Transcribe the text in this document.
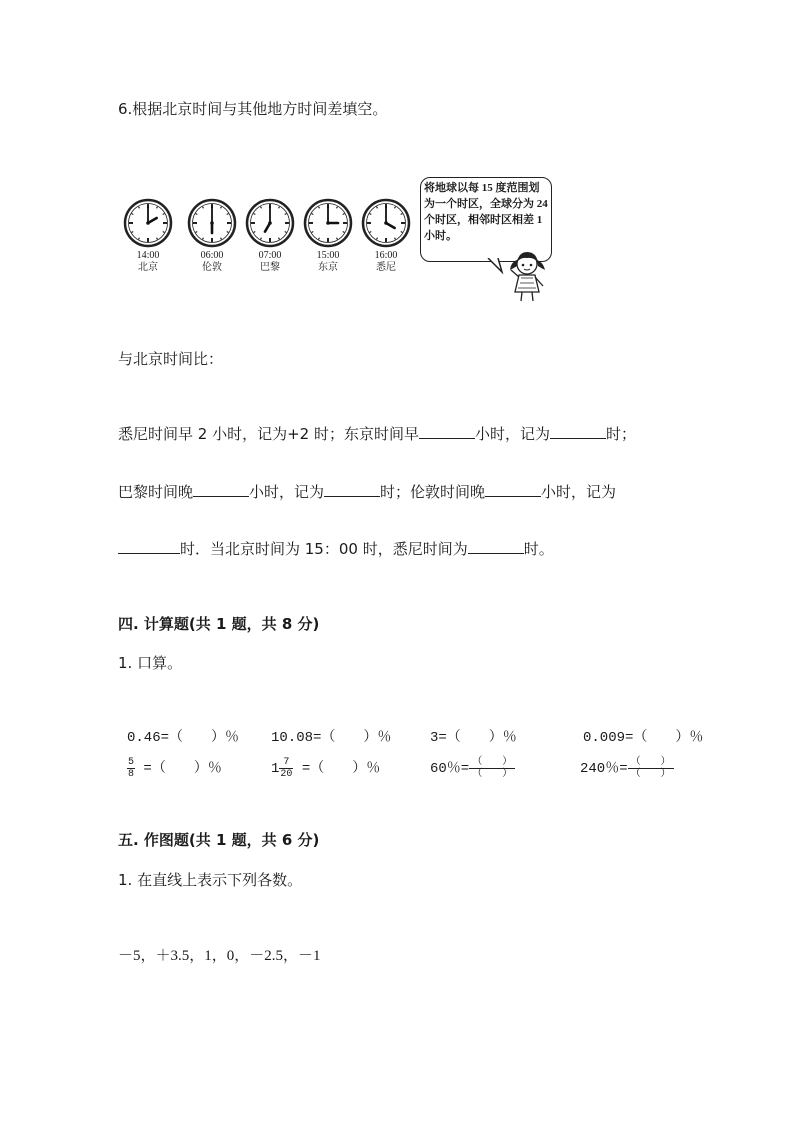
6.根据北京时间与其他地方时间差填空。
14:00
北京
06:00
伦敦
07:00
巴黎
15:00
东京
16:00
悉尼
将地球以每 15 度范围划为一个时区，全球分为 24 个时区，相邻时区相差 1 小时。
与北京时间比：
悉尼时间早 2 小时，记为+2 时；东京时间早	小时，记为	时；
巴黎时间晚	小时，记为	时；伦敦时间晚	小时，记为
时．当北京时间为 15：00 时，悉尼时间为	时。
四. 计算题(共 1 题，共 8 分)
1. 口算。
0.46=（　　）％ 10.08=（　　）％	3=（　　）％	0.009=（　　）％
$\frac{5}{8}$ =（　　）％	$1 \frac{7}{20}$ =（　　）％	60％= $\frac{( )}{( )}$	240％= $\frac{( )}{( )}$
五. 作图题(共 1 题，共 6 分)
1. 在直线上表示下列各数。
－5，＋3.5，1，0，－2.5，－1
